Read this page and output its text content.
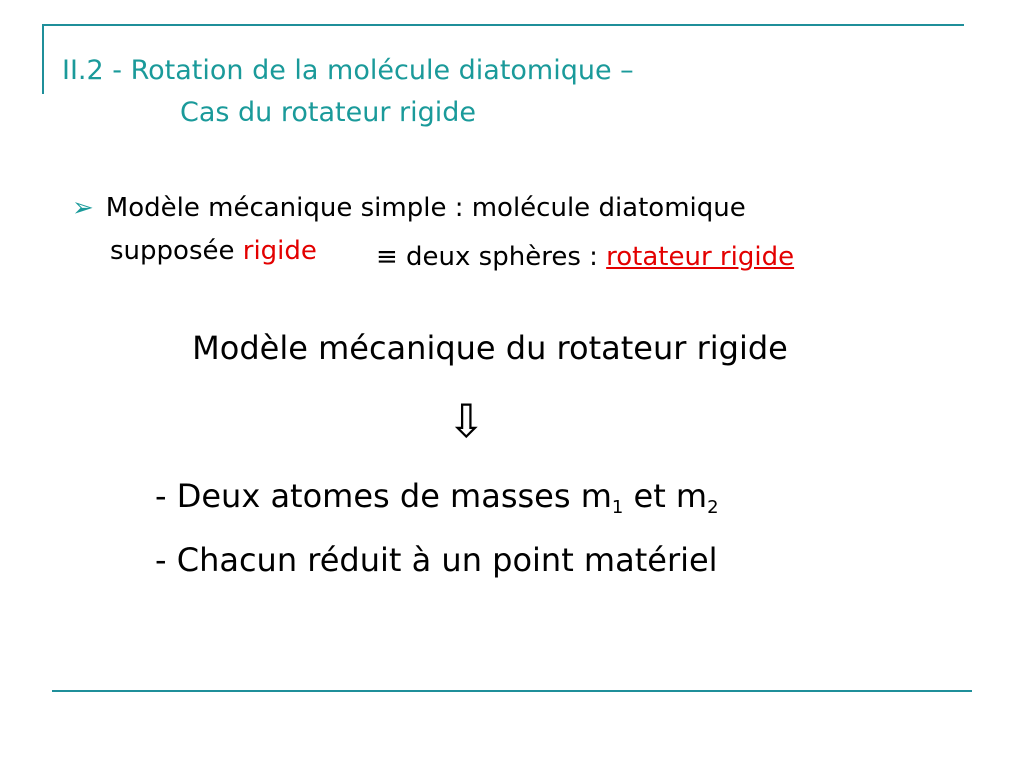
II.2 - Rotation de la molécule diatomique –
Cas du rotateur rigide
➢ Modèle mécanique simple : molécule diatomique
supposée rigide ≡ deux sphères : rotateur rigide
Modèle mécanique du rotateur rigide
⇩
- Deux atomes de masses $m_1$ et $m_2$
- Chacun réduit à un point matériel
